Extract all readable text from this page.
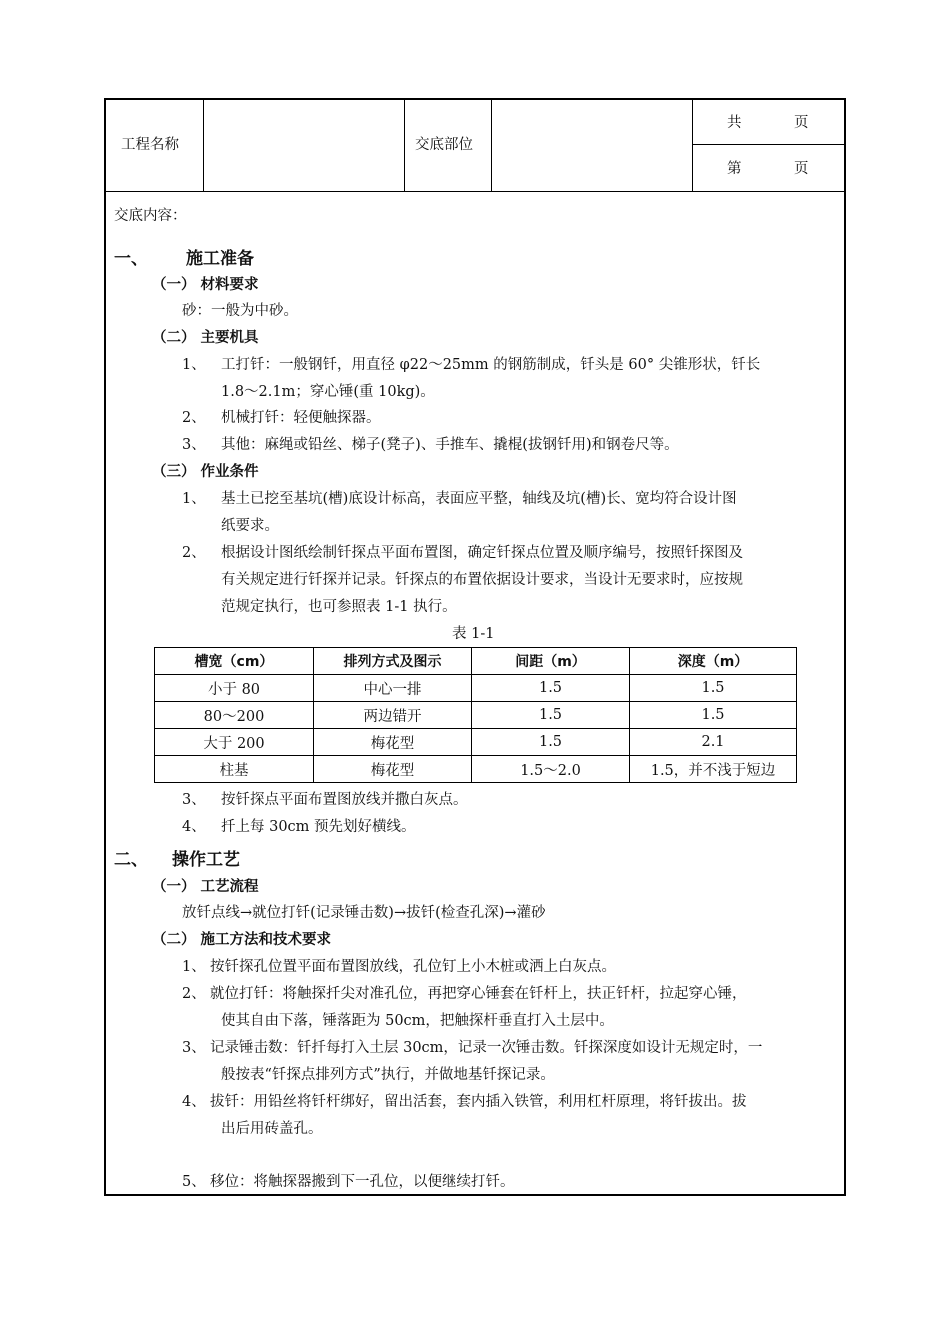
工程名称	交底部位
共	页
第	页
交底内容：
一、 施工准备
（一） 材料要求
砂：一般为中砂。
（二） 主要机具
1、 工打钎：一般钢钎，用直径 φ22～25mm 的钢筋制成，钎头是 60° 尖锥形状，钎长
1.8～2.1m；穿心锤(重 10kg)。
2、 机械打钎：轻便触探器。
3、 其他：麻绳或铅丝、梯子(凳子)、手推车、撬棍(拔钢钎用)和钢卷尺等。
（三） 作业条件
1、 基土已挖至基坑(槽)底设计标高，表面应平整，轴线及坑(槽)长、宽均符合设计图
纸要求。
2、 根据设计图纸绘制钎探点平面布置图，确定钎探点位置及顺序编号，按照钎探图及
有关规定进行钎探并记录。钎探点的布置依据设计要求，当设计无要求时，应按规
范规定执行，也可参照表 1-1 执行。
表 1-1
槽宽（cm）	排列方式及图示	间距（m）	深度（m）
小于 80	中心一排	1.5	1.5
80～200	两边错开	1.5	1.5
大于 200	梅花型	1.5	2.1
柱基	梅花型	1.5～2.0	1.5，并不浅于短边
3、 按钎探点平面布置图放线并撒白灰点。
4、 扦上每 30cm 预先划好横线。
二、 操作工艺
（一） 工艺流程
放钎点线→就位打钎(记录锤击数)→拔钎(检查孔深)→灌砂
（二） 施工方法和技术要求
1、 按钎探孔位置平面布置图放线，孔位钉上小木桩或洒上白灰点。
2、 就位打钎：将触探扦尖对准孔位，再把穿心锤套在钎杆上，扶正钎杆，拉起穿心锤，
使其自由下落，锤落距为 50cm，把触探杆垂直打入土层中。
3、 记录锤击数：钎扦每打入土层 30cm，记录一次锤击数。钎探深度如设计无规定时，一
般按表“钎探点排列方式”执行，并做地基钎探记录。
4、 拔钎：用铅丝将钎杆绑好，留出活套，套内插入铁管，利用杠杆原理，将钎拔出。拔
出后用砖盖孔。
5、 移位：将触探器搬到下一孔位，以便继续打钎。
